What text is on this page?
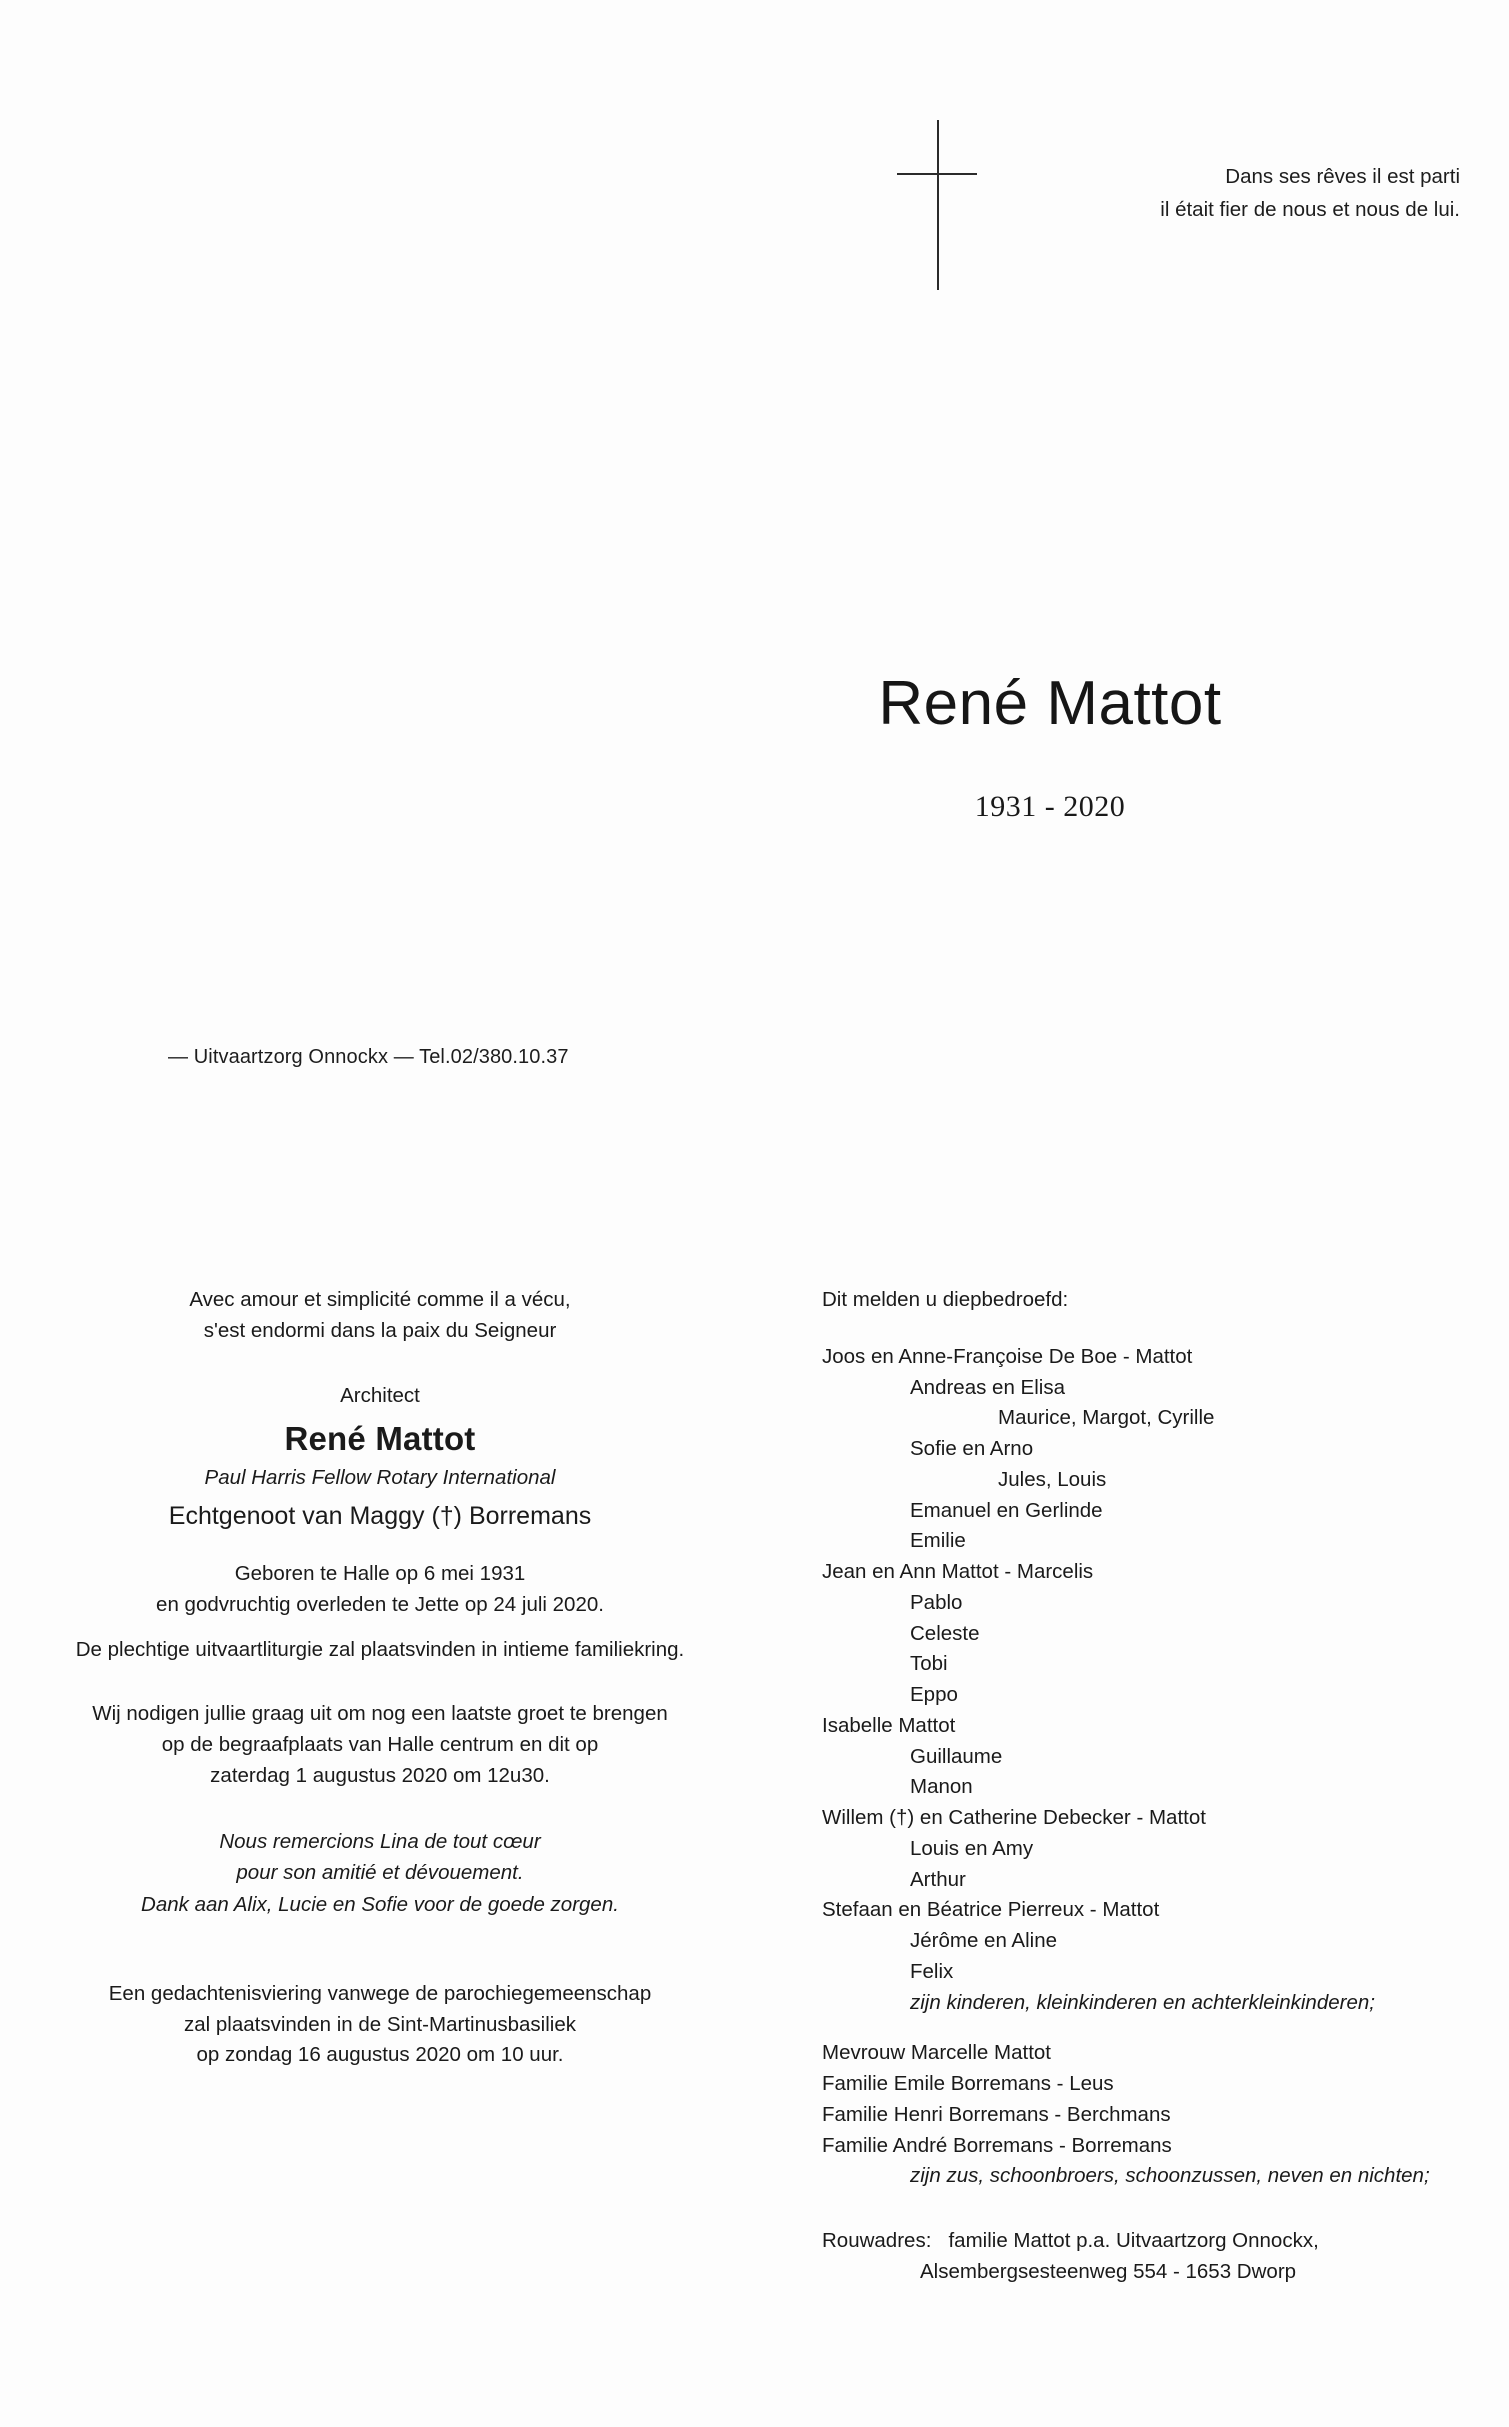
Dans ses rêves il est parti
il était fier de nous et nous de lui.
René Mattot
1931 - 2020
— Uitvaartzorg Onnockx — Tel.02/380.10.37
Avec amour et simplicité comme il a vécu,
s'est endormi dans la paix du Seigneur
Architect
René Mattot
Paul Harris Fellow Rotary International
Echtgenoot van Maggy (†) Borremans
Geboren te Halle op 6 mei 1931
en godvruchtig overleden te Jette op 24 juli 2020.
De plechtige uitvaartliturgie zal plaatsvinden in intieme familiekring.
Wij nodigen jullie graag uit om nog een laatste groet te brengen
op de begraafplaats van Halle centrum en dit op
zaterdag 1 augustus 2020 om 12u30.
Nous remercions Lina de tout cœur
pour son amitié et dévouement.
Dank aan Alix, Lucie en Sofie voor de goede zorgen.
Een gedachtenisviering vanwege de parochiegemeenschap
zal plaatsvinden in de Sint-Martinusbasiliek
op zondag 16 augustus 2020 om 10 uur.
Dit melden u diepbedroefd:
Joos en Anne-Françoise De Boe - Mattot
Andreas en Elisa
Maurice, Margot, Cyrille
Sofie en Arno
Jules, Louis
Emanuel en Gerlinde
Emilie
Jean en Ann Mattot - Marcelis
Pablo
Celeste
Tobi
Eppo
Isabelle Mattot
Guillaume
Manon
Willem (†) en Catherine Debecker - Mattot
Louis en Amy
Arthur
Stefaan en Béatrice Pierreux - Mattot
Jérôme en Aline
Felix
zijn kinderen, kleinkinderen en achterkleinkinderen;
Mevrouw Marcelle Mattot
Familie Emile Borremans - Leus
Familie Henri Borremans - Berchmans
Familie André Borremans - Borremans
zijn zus, schoonbroers, schoonzussen, neven en nichten;
Rouwadres: familie Mattot p.a. Uitvaartzorg Onnockx,
Alsembergsesteenweg 554 - 1653 Dworp
